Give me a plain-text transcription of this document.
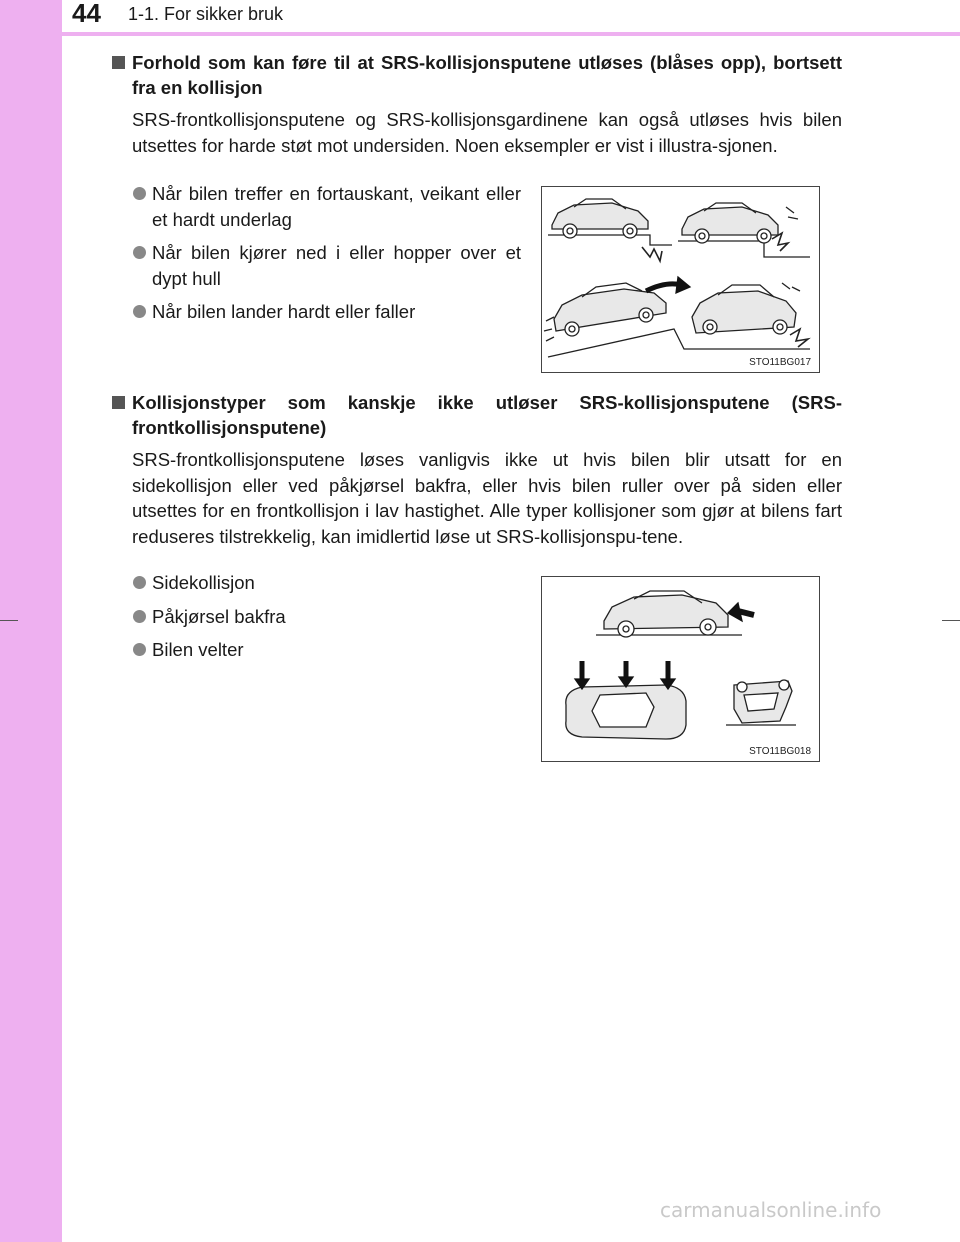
44 1-1. For sikker bruk
Forhold som kan føre til at SRS-kollisjonsputene utløses (blåses opp), bortsett fra en kollisjon
SRS-frontkollisjonsputene og SRS-kollisjonsgardinene kan også utløses hvis bilen utsettes for harde støt mot undersiden. Noen eksempler er vist i illustra-sjonen.
Når bilen treffer en fortauskant, veikant eller et hardt underlag
Når bilen kjører ned i eller hopper over et dypt hull
Når bilen lander hardt eller faller
STO11BG017
Kollisjonstyper som kanskje ikke utløser SRS-kollisjonsputene (SRS-frontkollisjonsputene)
SRS-frontkollisjonsputene løses vanligvis ikke ut hvis bilen blir utsatt for en sidekollisjon eller ved påkjørsel bakfra, eller hvis bilen ruller over på siden eller utsettes for en frontkollisjon i lav hastighet. Alle typer kollisjoner som gjør at bilens fart reduseres tilstrekkelig, kan imidlertid løse ut SRS-kollisjonspu-tene.
Sidekollisjon
Påkjørsel bakfra
Bilen velter
STO11BG018
carmanualsonline.info
